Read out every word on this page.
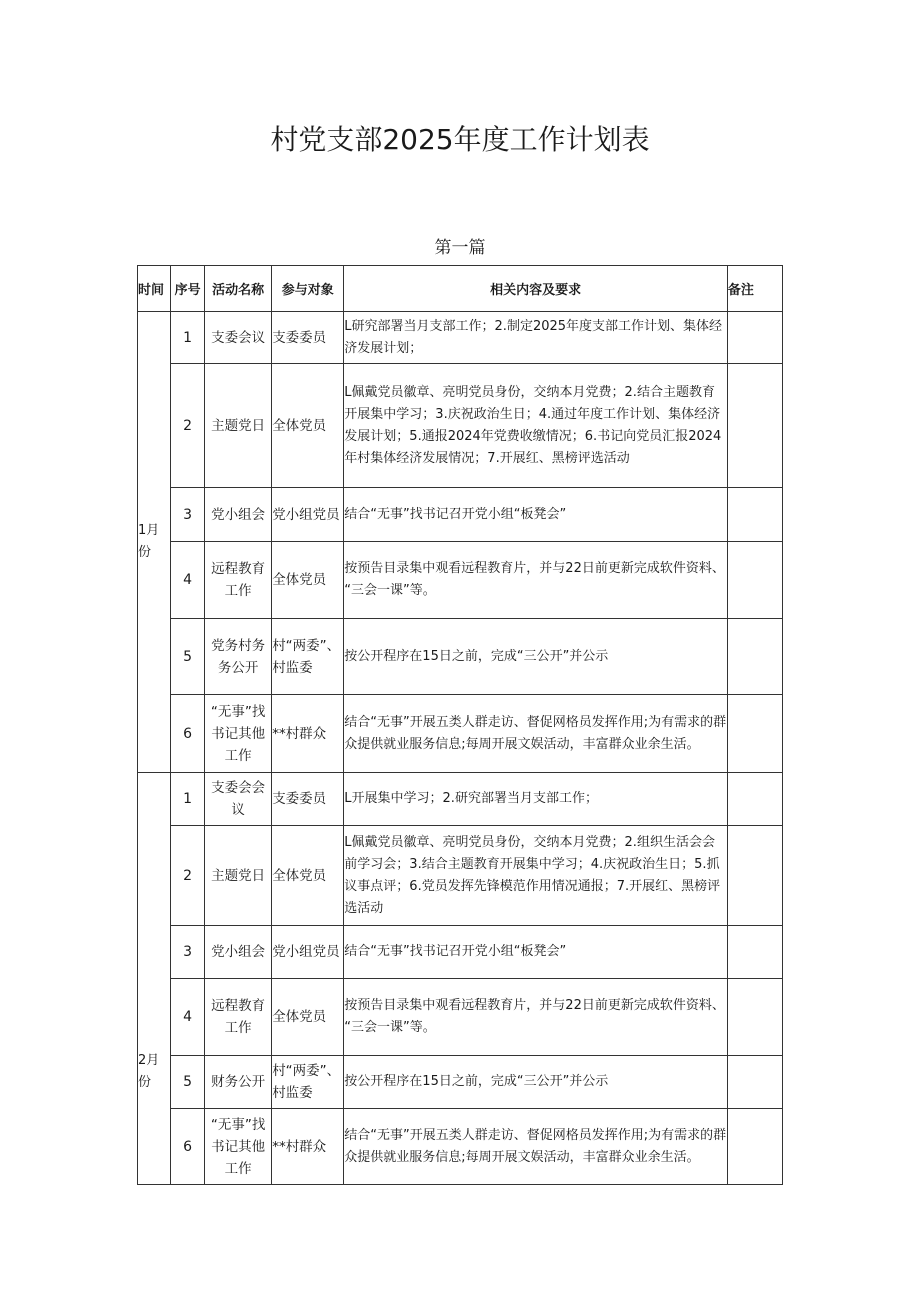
村党支部2025年度工作计划表
第一篇
时间	序号	活动名称	参与对象	相关内容及要求	备注
1月份	1	支委会议	支委委员	L研究部署当月支部工作；2.制定2025年度支部工作计划、集体经济发展计划；	
	2	主题党日	全体党员	L佩戴党员徽章、亮明党员身份，交纳本月党费；2.结合主题教育开展集中学习；3.庆祝政治生日；4.通过年度工作计划、集体经济发展计划；5.通报2024年党费收缴情况；6.书记向党员汇报2024年村集体经济发展情况；7.开展红、黑榜评选活动	
	3	党小组会	党小组党员	结合“无事”找书记召开党小组“板凳会”	
	4	远程教育工作	全体党员	按预告目录集中观看远程教育片，并与22日前更新完成软件资料、　　　　　“三会一课”等。	
	5	党务村务务公开	村“两委”、村监委	按公开程序在15日之前，完成“三公开”并公示	
	6	“无事”找书记其他工作	**村群众	结合“无事”开展五类人群走访、督促网格员发挥作用;为有需求的群众提供就业服务信息;每周开展文娱活动，丰富群众业余生活。	
2月份	1	支委会会议	支委委员	L开展集中学习；2.研究部署当月支部工作；	
	2	主题党日	全体党员	L佩戴党员徽章、亮明党员身份，交纳本月党费；2.组织生活会会前学习会；3.结合主题教育开展集中学习；4.庆祝政治生日；5.抓议事点评；6.党员发挥先锋模范作用情况通报；7.开展红、黑榜评选活动	
	3	党小组会	党小组党员	结合“无事”找书记召开党小组“板凳会”	
	4	远程教育工作	全体党员	按预告目录集中观看远程教育片，并与22日前更新完成软件资料、　　　　　“三会一课”等。	
	5	财务公开	村“两委”、村监委	按公开程序在15日之前，完成“三公开”并公示	
	6	“无事”找书记其他工作	**村群众	结合“无事”开展五类人群走访、督促网格员发挥作用;为有需求的群众提供就业服务信息;每周开展文娱活动，丰富群众业余生活。	
